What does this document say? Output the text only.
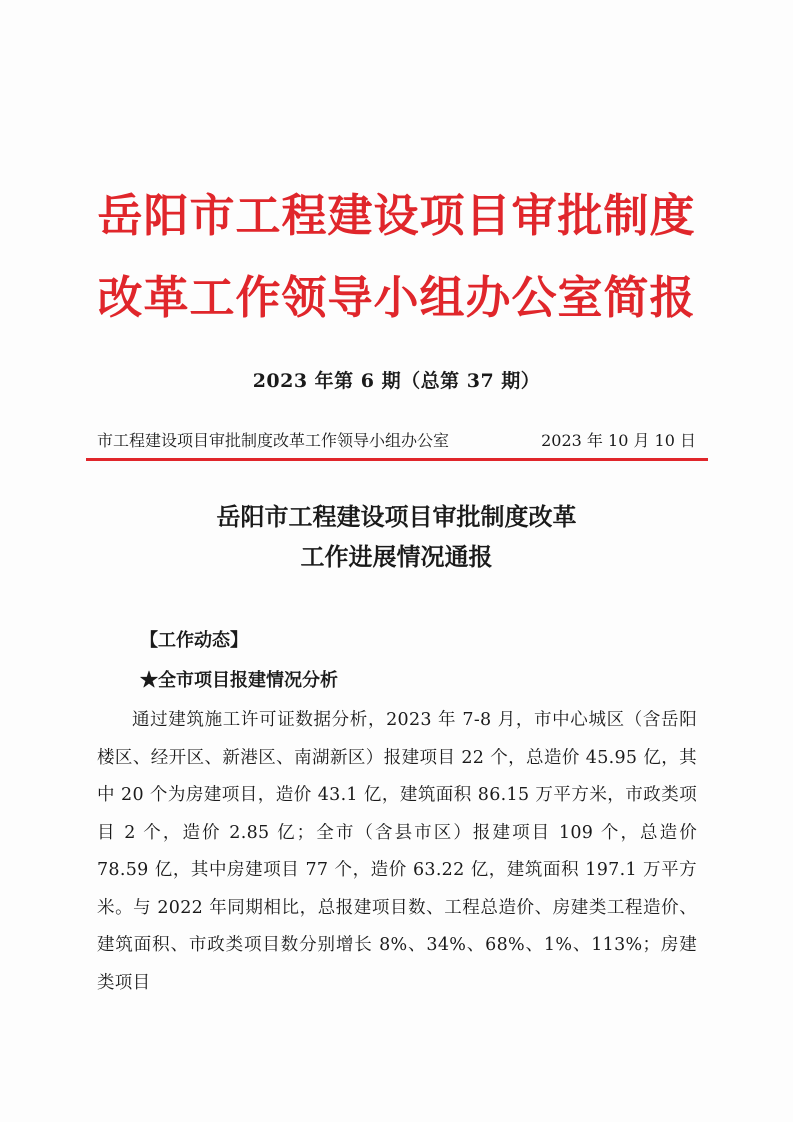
岳阳市工程建设项目审批制度
改革工作领导小组办公室简报
2023 年第 6 期（总第 37 期）
市工程建设项目审批制度改革工作领导小组办公室	2023 年 10 月 10 日
岳阳市工程建设项目审批制度改革
工作进展情况通报
【工作动态】
★全市项目报建情况分析
通过建筑施工许可证数据分析，2023 年 7-8 月，市中心城区（含岳阳楼区、经开区、新港区、南湖新区）报建项目 22 个，总造价 45.95 亿，其中 20 个为房建项目，造价 43.1 亿，建筑面积 86.15 万平方米，市政类项目 2 个，造价 2.85 亿；全市（含县市区）报建项目 109 个，总造价 78.59 亿，其中房建项目 77 个，造价 63.22 亿，建筑面积 197.1 万平方米。与 2022 年同期相比，总报建项目数、工程总造价、房建类工程造价、建筑面积、市政类项目数分别增长 8%、34%、68%、1%、113%；房建类项目
